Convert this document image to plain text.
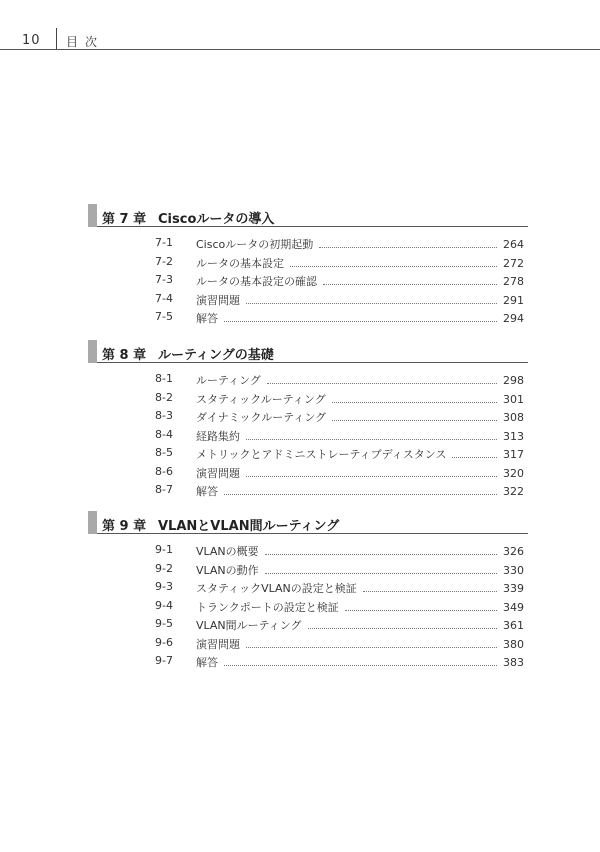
10 目次
第 7 章 Ciscoルータの導入
7-1 Ciscoルータの初期起動	264
7-2 ルータの基本設定	272
7-3 ルータの基本設定の確認	278
7-4 演習問題	291
7-5 解答	294
第 8 章 ルーティングの基礎
8-1 ルーティング	298
8-2 スタティックルーティング	301
8-3 ダイナミックルーティング	308
8-4 経路集約	313
8-5 メトリックとアドミニストレーティブディスタンス	317
8-6 演習問題	320
8-7 解答	322
第 9 章 VLANとVLAN間ルーティング
9-1 VLANの概要	326
9-2 VLANの動作	330
9-3 スタティックVLANの設定と検証	339
9-4 トランクポートの設定と検証	349
9-5 VLAN間ルーティング	361
9-6 演習問題	380
9-7 解答	383
